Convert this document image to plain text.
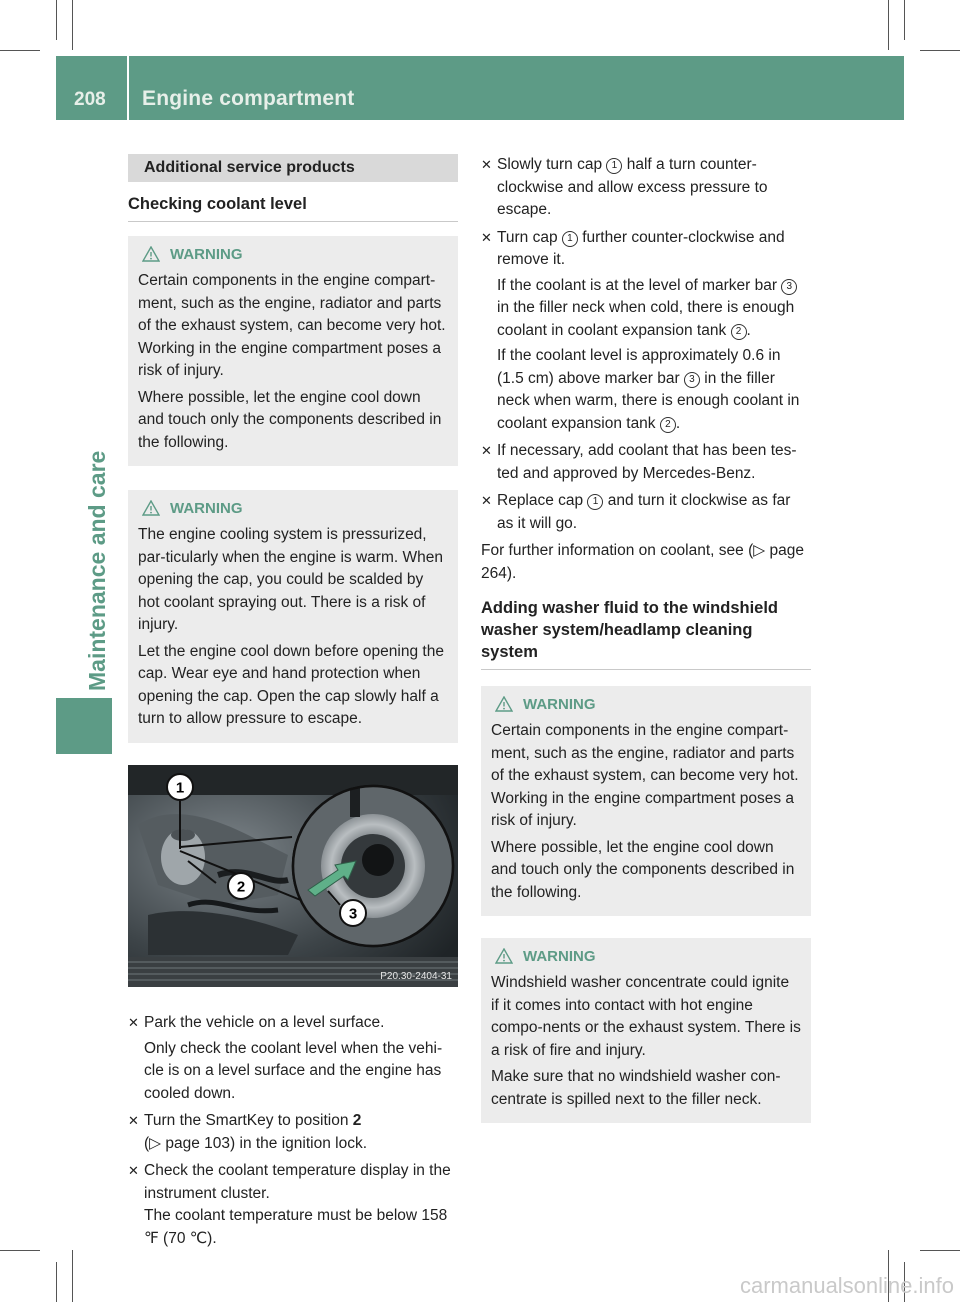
208 Engine compartment
Maintenance and care
Additional service products
Checking coolant level
WARNING

Certain components in the engine compart-ment, such as the engine, radiator and parts of the exhaust system, can become very hot. Working in the engine compartment poses a risk of injury.

Where possible, let the engine cool down and touch only the components described in the following.

WARNING

The engine cooling system is pressurized, par-ticularly when the engine is warm. When opening the cap, you could be scalded by hot coolant spraying out. There is a risk of injury.

Let the engine cool down before opening the cap. Wear eye and hand protection when opening the cap. Open the cap slowly half a turn to allow pressure to escape.

1
2
3
P20.30-2404-31
✕ Park the vehicle on a level surface.

Only check the coolant level when the vehi-cle is on a level surface and the engine has cooled down.

✕ Turn the SmartKey to position 2
(▷ page 103) in the ignition lock.

✕ Check the coolant temperature display in the instrument cluster.

The coolant temperature must be below 158 ℉ (70 ℃).

✕ Slowly turn cap 1 half a turn counter-clockwise and allow excess pressure to escape.

✕ Turn cap 1 further counter-clockwise and remove it.

If the coolant is at the level of marker bar 3 in the filler neck when cold, there is enough coolant in coolant expansion tank 2 .

If the coolant level is approximately 0.6 in (1.5 cm) above marker bar 3 in the filler neck when warm, there is enough coolant in coolant expansion tank 2 .

✕ If necessary, add coolant that has been tes-ted and approved by Mercedes-Benz.

✕ Replace cap 1 and turn it clockwise as far as it will go.

For further information on coolant, see (▷ page 264).

Adding washer fluid to the windshield washer system/headlamp cleaning system
WARNING

Certain components in the engine compart-ment, such as the engine, radiator and parts of the exhaust system, can become very hot. Working in the engine compartment poses a risk of injury.

Where possible, let the engine cool down and touch only the components described in the following.

WARNING

Windshield washer concentrate could ignite if it comes into contact with hot engine compo-nents or the exhaust system. There is a risk of fire and injury.

Make sure that no windshield washer con-centrate is spilled next to the filler neck.

carmanualsonline.info
